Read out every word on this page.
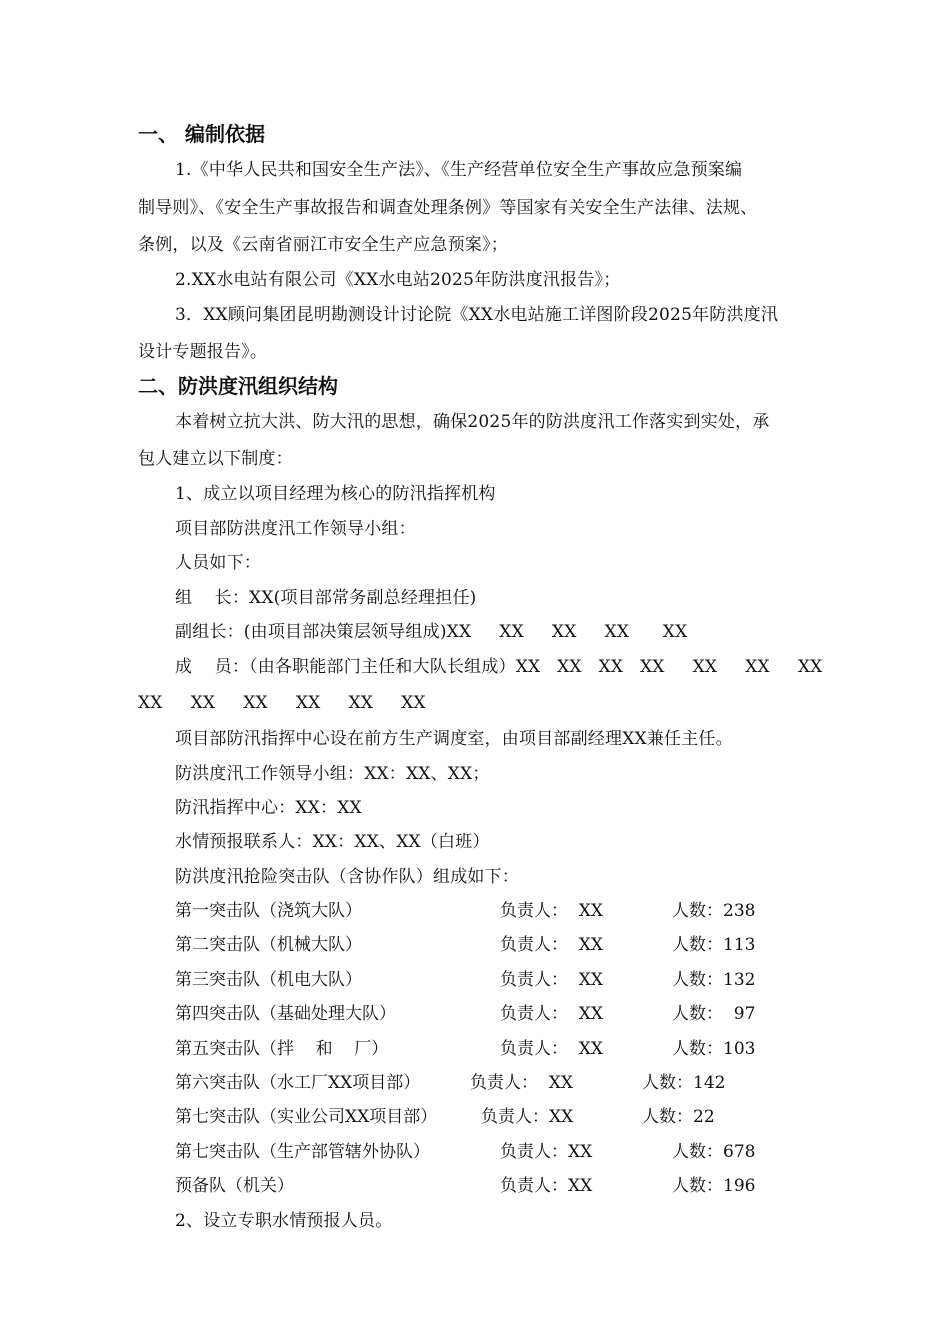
一、 编制依据
1.《中华人民共和国安全生产法》、《生产经营单位安全生产事故应急预案编
制导则》、《安全生产事故报告和调查处理条例》等国家有关安全生产法律、法规、
条例，以及《云南省丽江市安全生产应急预案》；
2.XX水电站有限公司《XX水电站2025年防洪度汛报告》；
3．XX顾问集团昆明勘测设计讨论院《XX水电站施工详图阶段2025年防洪度汛
设计专题报告》。
二、防洪度汛组织结构
本着树立抗大洪、防大汛的思想，确保2025年的防洪度汛工作落实到实处，承
包人建立以下制度：
1、成立以项目经理为核心的防汛指挥机构
项目部防洪度汛工作领导小组：
人员如下：
组    长：XX(项目部常务副总经理担任)
副组长：(由项目部决策层领导组成)XX     XX     XX     XX      XX
成    员：（由各职能部门主任和大队长组成）XX   XX   XX   XX     XX     XX     XX
XX     XX     XX     XX     XX     XX
项目部防汛指挥中心设在前方生产调度室，由项目部副经理XX兼任主任。
防洪度汛工作领导小组：XX：XX、XX；
防汛指挥中心：XX：XX
水情预报联系人：XX：XX、XX（白班）
防洪度汛抢险突击队（含协作队）组成如下：
第一突击队（浇筑大队）	负责人：  XX	人数：238
第二突击队（机械大队）	负责人：  XX	人数：113
第三突击队（机电大队）	负责人：  XX	人数：132
第四突击队（基础处理大队）	负责人：  XX	人数：  97
第五突击队（拌    和    厂）	负责人：  XX	人数：103
第六突击队（水工厂XX项目部）	负责人：  XX	人数：142
第七突击队（实业公司XX项目部）	负责人：XX	人数：22
第七突击队（生产部管辖外协队）	负责人：XX	人数：678
预备队（机关）	负责人：XX	人数：196
2、设立专职水情预报人员。
